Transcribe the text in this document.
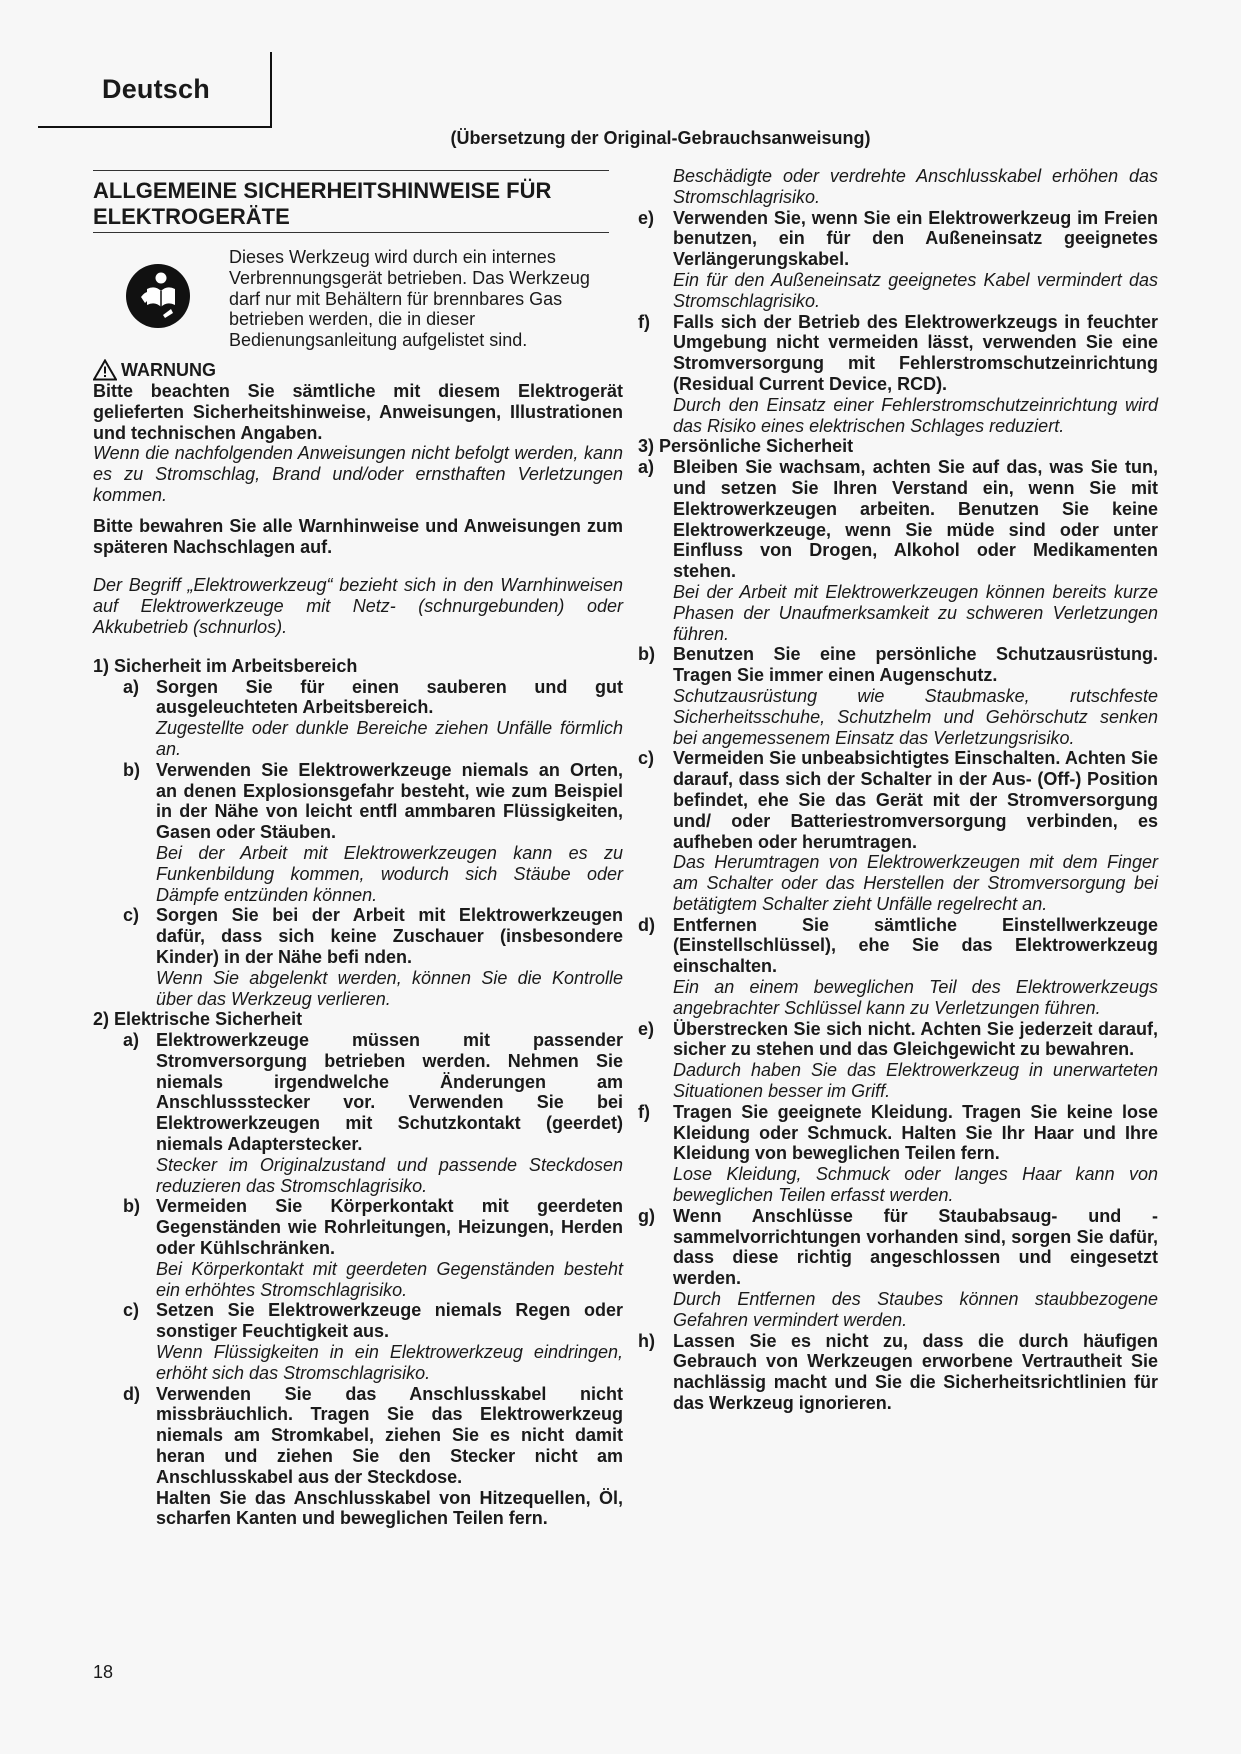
Deutsch
(Übersetzung der Original-Gebrauchsanweisung)
ALLGEMEINE SICHERHEITSHINWEISE FÜR ELEKTROGERÄTE
Dieses Werkzeug wird durch ein internes Verbrennungsgerät betrieben. Das Werkzeug darf nur mit Behältern für brennbares Gas betrieben werden, die in dieser Bedienungsanleitung aufgelistet sind.
WARNUNG

Bitte beachten Sie sämtliche mit diesem Elektrogerät gelieferten Sicherheitshinweise, Anweisungen, Illustrationen und technischen Angaben.

Wenn die nachfolgenden Anweisungen nicht befolgt werden, kann es zu Stromschlag, Brand und/oder ernsthaften Verletzungen kommen.

Bitte bewahren Sie alle Warnhinweise und Anweisungen zum späteren Nachschlagen auf.

Der Begriff „Elektrowerkzeug“ bezieht sich in den Warnhinweisen auf Elektrowerkzeuge mit Netz- (schnurgebunden) oder Akkubetrieb (schnurlos).

1) Sicherheit im Arbeitsbereich

a) Sorgen Sie für einen sauberen und gut ausgeleuchteten Arbeitsbereich.
Zugestellte oder dunkle Bereiche ziehen Unfälle förmlich an.
b) Verwenden Sie Elektrowerkzeuge niemals an Orten, an denen Explosionsgefahr besteht, wie zum Beispiel in der Nähe von leicht entfl ammbaren Flüssigkeiten, Gasen oder Stäuben.
Bei der Arbeit mit Elektrowerkzeugen kann es zu Funkenbildung kommen, wodurch sich Stäube oder Dämpfe entzünden können.
c) Sorgen Sie bei der Arbeit mit Elektrowerkzeugen dafür, dass sich keine Zuschauer (insbesondere Kinder) in der Nähe befi nden.
Wenn Sie abgelenkt werden, können Sie die Kontrolle über das Werkzeug verlieren.

2) Elektrische Sicherheit

a) Elektrowerkzeuge müssen mit passender Stromversorgung betrieben werden. Nehmen Sie niemals irgendwelche Änderungen am Anschlussstecker vor. Verwenden Sie bei Elektrowerkzeugen mit Schutzkontakt (geerdet) niemals Adapterstecker.
Stecker im Originalzustand und passende Steckdosen reduzieren das Stromschlagrisiko.
b) Vermeiden Sie Körperkontakt mit geerdeten Gegenständen wie Rohrleitungen, Heizungen, Herden oder Kühlschränken.
Bei Körperkontakt mit geerdeten Gegenständen besteht ein erhöhtes Stromschlagrisiko.
c) Setzen Sie Elektrowerkzeuge niemals Regen oder sonstiger Feuchtigkeit aus.
Wenn Flüssigkeiten in ein Elektrowerkzeug eindringen, erhöht sich das Stromschlagrisiko.
d) Verwenden Sie das Anschlusskabel nicht missbräuchlich. Tragen Sie das Elektrowerkzeug niemals am Stromkabel, ziehen Sie es nicht damit heran und ziehen Sie den Stecker nicht am Anschlusskabel aus der Steckdose.
Halten Sie das Anschlusskabel von Hitzequellen, Öl, scharfen Kanten und beweglichen Teilen fern.
Beschädigte oder verdrehte Anschlusskabel erhöhen das Stromschlagrisiko.
e) Verwenden Sie, wenn Sie ein Elektrowerkzeug im Freien benutzen, ein für den Außeneinsatz geeignetes Verlängerungskabel.
Ein für den Außeneinsatz geeignetes Kabel vermindert das Stromschlagrisiko.
f) Falls sich der Betrieb des Elektrowerkzeugs in feuchter Umgebung nicht vermeiden lässt, verwenden Sie eine Stromversorgung mit Fehlerstromschutzeinrichtung (Residual Current Device, RCD).
Durch den Einsatz einer Fehlerstromschutzeinrichtung wird das Risiko eines elektrischen Schlages reduziert.

3) Persönliche Sicherheit

a) Bleiben Sie wachsam, achten Sie auf das, was Sie tun, und setzen Sie Ihren Verstand ein, wenn Sie mit Elektrowerkzeugen arbeiten. Benutzen Sie keine Elektrowerkzeuge, wenn Sie müde sind oder unter Einfluss von Drogen, Alkohol oder Medikamenten stehen.
Bei der Arbeit mit Elektrowerkzeugen können bereits kurze Phasen der Unaufmerksamkeit zu schweren Verletzungen führen.
b) Benutzen Sie eine persönliche Schutzausrüstung. Tragen Sie immer einen Augenschutz.
Schutzausrüstung wie Staubmaske, rutschfeste Sicherheitsschuhe, Schutzhelm und Gehörschutz senken bei angemessenem Einsatz das Verletzungsrisiko.
c) Vermeiden Sie unbeabsichtigtes Einschalten. Achten Sie darauf, dass sich der Schalter in der Aus- (Off-) Position befindet, ehe Sie das Gerät mit der Stromversorgung und/ oder Batteriestromversorgung verbinden, es aufheben oder herumtragen.
Das Herumtragen von Elektrowerkzeugen mit dem Finger am Schalter oder das Herstellen der Stromversorgung bei betätigtem Schalter zieht Unfälle regelrecht an.
d) Entfernen Sie sämtliche Einstellwerkzeuge (Einstellschlüssel), ehe Sie das Elektrowerkzeug einschalten.
Ein an einem beweglichen Teil des Elektrowerkzeugs angebrachter Schlüssel kann zu Verletzungen führen.
e) Überstrecken Sie sich nicht. Achten Sie jederzeit darauf, sicher zu stehen und das Gleichgewicht zu bewahren.
Dadurch haben Sie das Elektrowerkzeug in unerwarteten Situationen besser im Griff.
f) Tragen Sie geeignete Kleidung. Tragen Sie keine lose Kleidung oder Schmuck. Halten Sie Ihr Haar und Ihre Kleidung von beweglichen Teilen fern.
Lose Kleidung, Schmuck oder langes Haar kann von beweglichen Teilen erfasst werden.
g) Wenn Anschlüsse für Staubabsaug- und -sammelvorrichtungen vorhanden sind, sorgen Sie dafür, dass diese richtig angeschlossen und eingesetzt werden.
Durch Entfernen des Staubes können staubbezogene Gefahren vermindert werden.
h) Lassen Sie es nicht zu, dass die durch häufigen Gebrauch von Werkzeugen erworbene Vertrautheit Sie nachlässig macht und Sie die Sicherheitsrichtlinien für das Werkzeug ignorieren.
18
